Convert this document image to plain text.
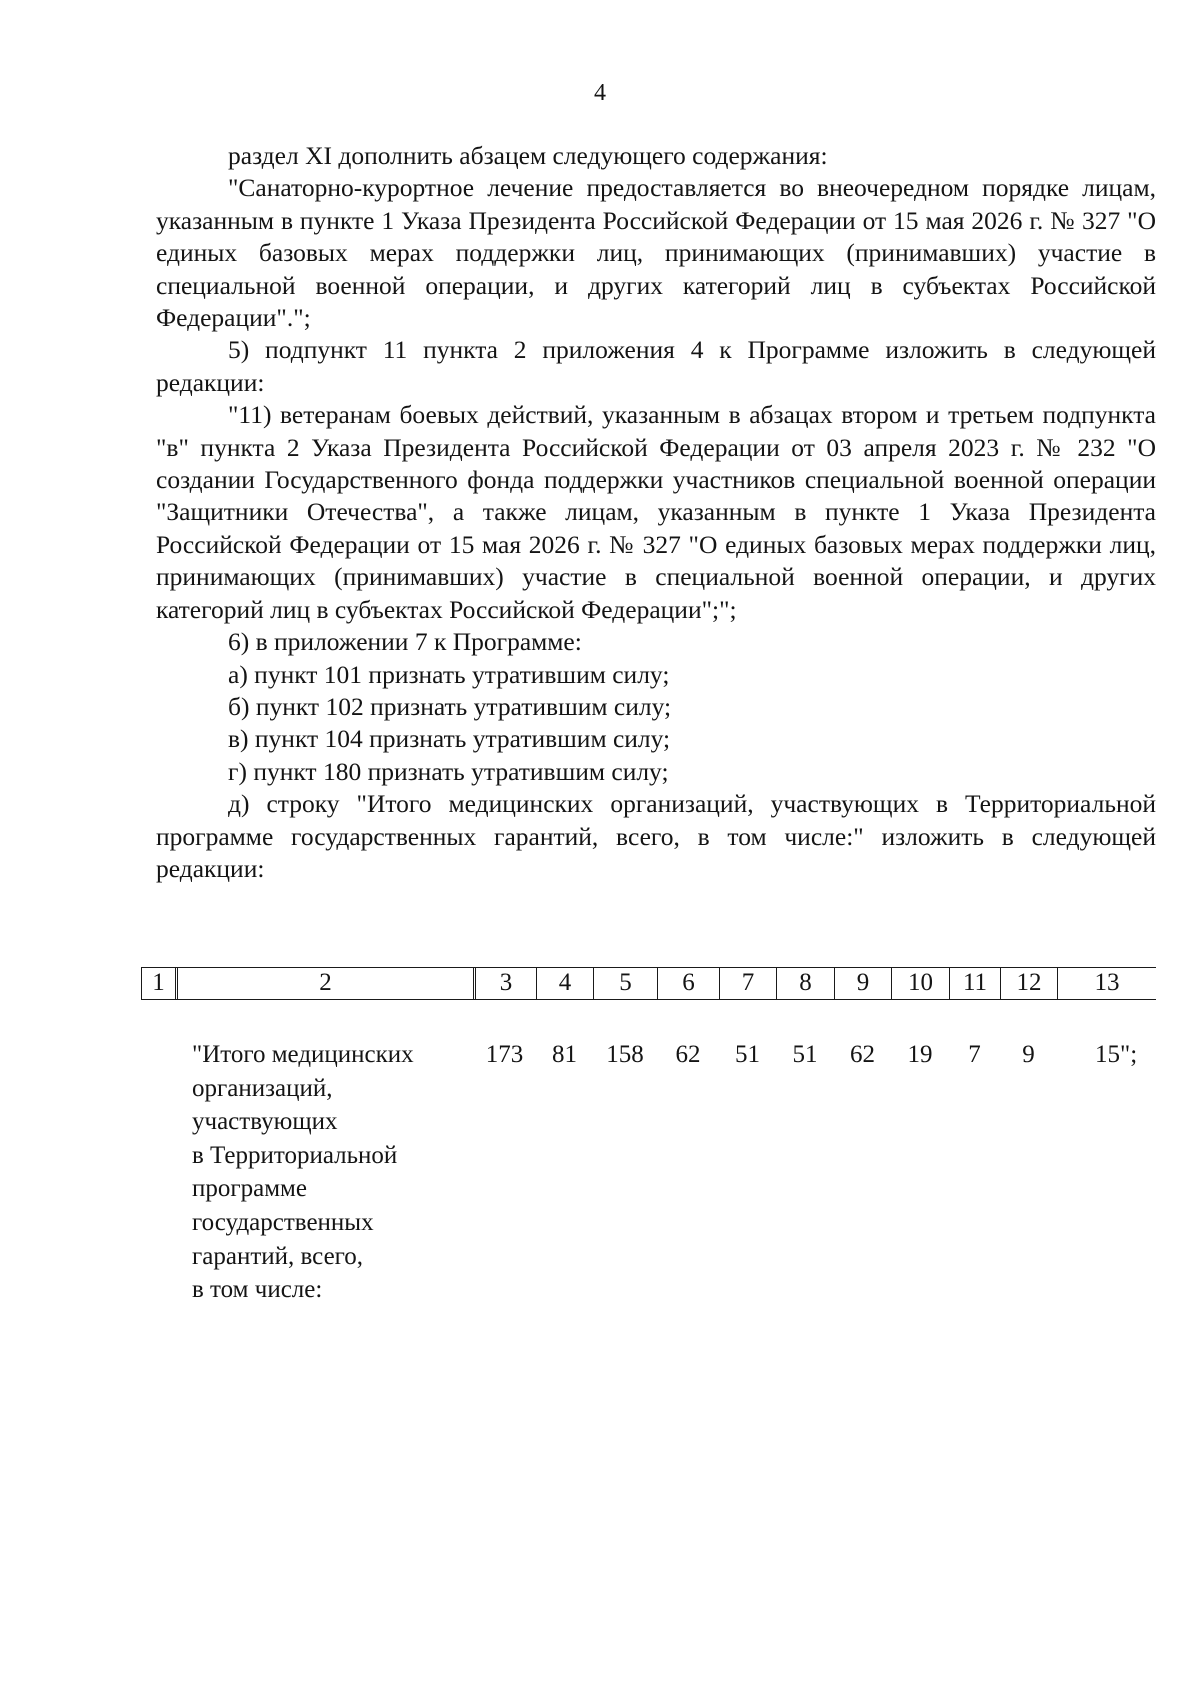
4

раздел XI дополнить абзацем следующего содержания:

"Санаторно-курортное лечение предоставляется во внеочередном порядке лицам, указанным в пункте 1 Указа Президента Российской Федерации от 15 мая 2026 г. № 327 "О единых базовых мерах поддержки лиц, принимающих (принимавших) участие в специальной военной операции, и других категорий лиц в субъектах Российской Федерации".";

5) подпункт 11 пункта 2 приложения 4 к Программе изложить в следующей редакции:

"11) ветеранам боевых действий, указанным в абзацах втором и третьем подпункта "в" пункта 2 Указа Президента Российской Федерации от 03 апреля 2023 г. № 232 "О создании Государственного фонда поддержки участников специальной военной операции "Защитники Отечества", а также лицам, указанным в пункте 1 Указа Президента Российской Федерации от 15 мая 2026 г. № 327 "О единых базовых мерах поддержки лиц, принимающих (принимавших) участие в специальной военной операции, и других категорий лиц в субъектах Российской Федерации";";

6) в приложении 7 к Программе:

а) пункт 101 признать утратившим силу;

б) пункт 102 признать утратившим силу;

в) пункт 104 признать утратившим силу;

г) пункт 180 признать утратившим силу;

д) строку "Итого медицинских организаций, участвующих в Территориальной программе государственных гарантий, всего, в том числе:" изложить в следующей редакции:

1	2	3	4	5	6	7	8	9	10	11	12	13
"Итого медицинских
организаций,
участвующих
в Территориальной
программе
государственных
гарантий, всего,
в том числе:
173	81	158	62	51	51	62	19	7	9	15";
